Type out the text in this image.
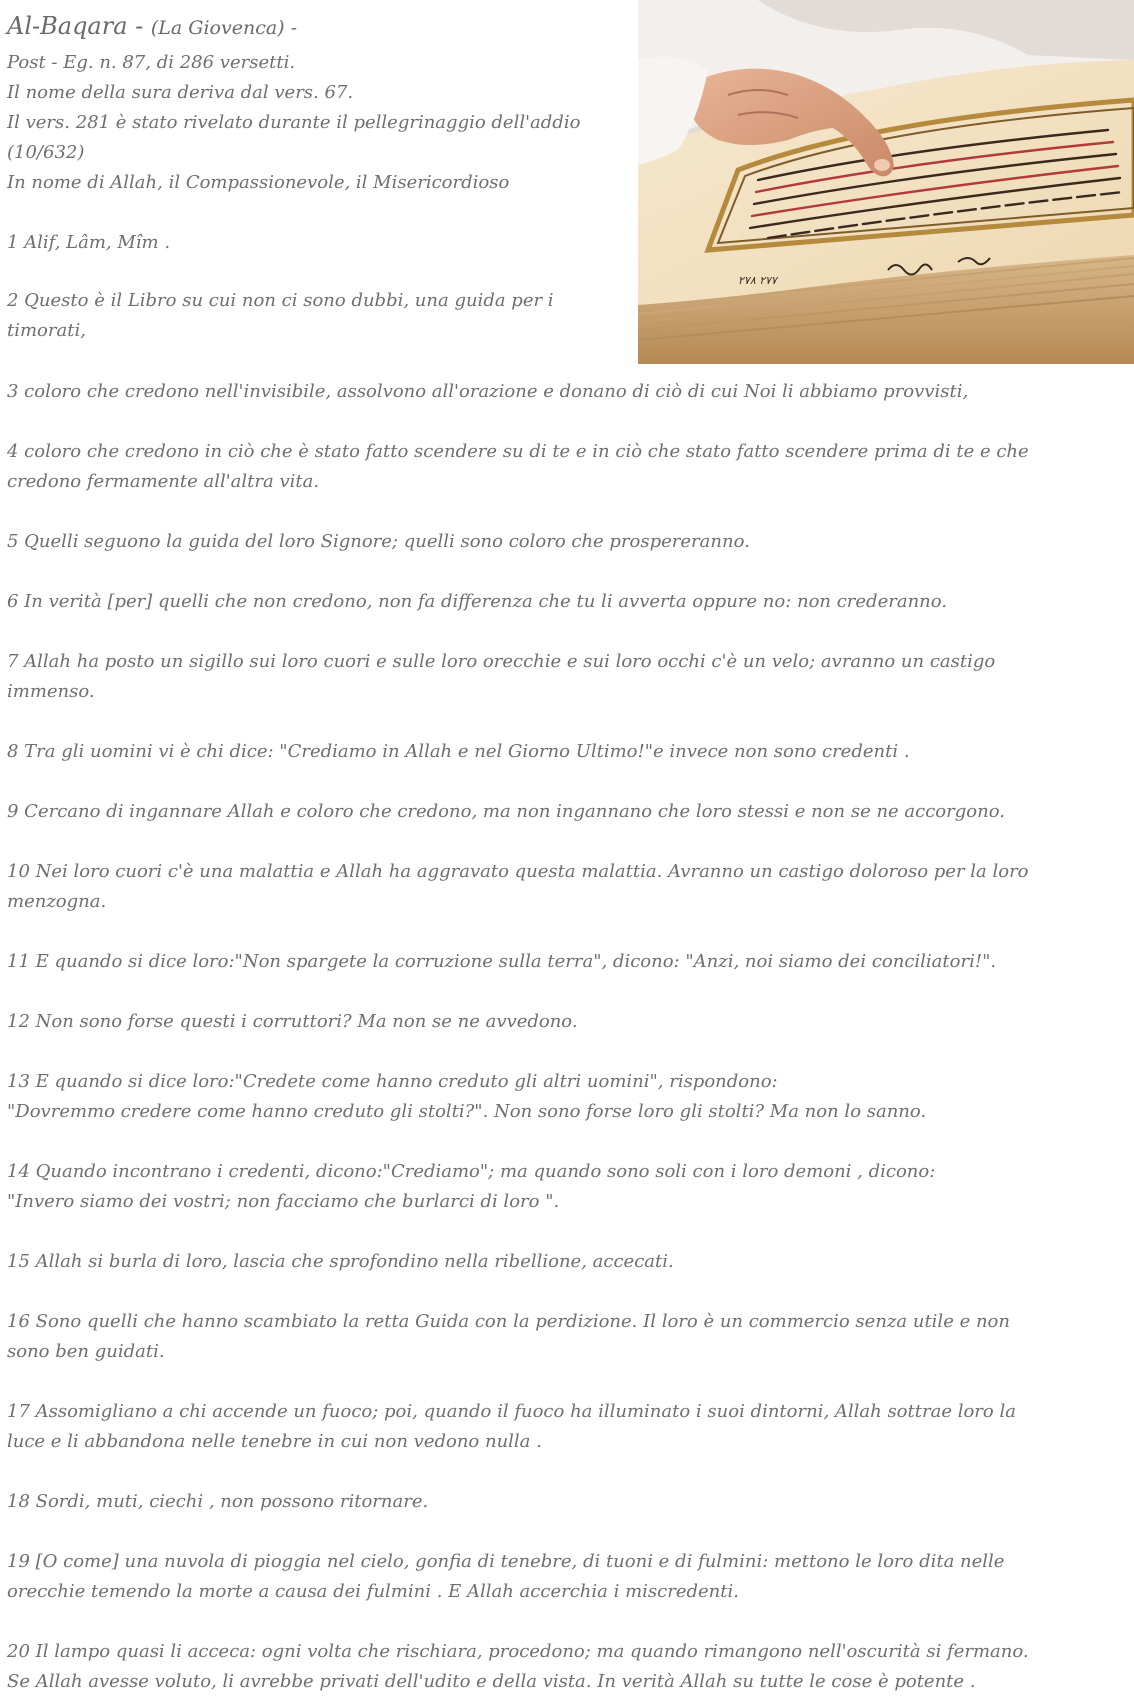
Al-Baqara - (La Giovenca) -
Post - Eg. n. 87, di 286 versetti.
Il nome della sura deriva dal vers. 67.
Il vers. 281 è stato rivelato durante il pellegrinaggio dell'addio
(10/632)
In nome di Allah, il Compassionevole, il Misericordioso
٢٧٧ ٢٧٨
1 Alif, Lâm, Mîm .
2 Questo è il Libro su cui non ci sono dubbi, una guida per i
timorati,
3 coloro che credono nell'invisibile, assolvono all'orazione e donano di ciò di cui Noi li abbiamo provvisti,
4 coloro che credono in ciò che è stato fatto scendere su di te e in ciò che stato fatto scendere prima di te e che
credono fermamente all'altra vita.
5 Quelli seguono la guida del loro Signore; quelli sono coloro che prospereranno.
6 In verità [per] quelli che non credono, non fa differenza che tu li avverta oppure no: non crederanno.
7 Allah ha posto un sigillo sui loro cuori e sulle loro orecchie e sui loro occhi c'è un velo; avranno un castigo
immenso.
8 Tra gli uomini vi è chi dice: "Crediamo in Allah e nel Giorno Ultimo!"e invece non sono credenti .
9 Cercano di ingannare Allah e coloro che credono, ma non ingannano che loro stessi e non se ne accorgono.
10 Nei loro cuori c'è una malattia e Allah ha aggravato questa malattia. Avranno un castigo doloroso per la loro
menzogna.
11 E quando si dice loro:"Non spargete la corruzione sulla terra", dicono: "Anzi, noi siamo dei conciliatori!".
12 Non sono forse questi i corruttori? Ma non se ne avvedono.
13 E quando si dice loro:"Credete come hanno creduto gli altri uomini", rispondono:
"Dovremmo credere come hanno creduto gli stolti?". Non sono forse loro gli stolti? Ma non lo sanno.
14 Quando incontrano i credenti, dicono:"Crediamo"; ma quando sono soli con i loro demoni , dicono:
"Invero siamo dei vostri; non facciamo che burlarci di loro ".
15 Allah si burla di loro, lascia che sprofondino nella ribellione, accecati.
16 Sono quelli che hanno scambiato la retta Guida con la perdizione. Il loro è un commercio senza utile e non
sono ben guidati.
17 Assomigliano a chi accende un fuoco; poi, quando il fuoco ha illuminato i suoi dintorni, Allah sottrae loro la
luce e li abbandona nelle tenebre in cui non vedono nulla .
18 Sordi, muti, ciechi , non possono ritornare.
19 [O come] una nuvola di pioggia nel cielo, gonfia di tenebre, di tuoni e di fulmini: mettono le loro dita nelle
orecchie temendo la morte a causa dei fulmini . E Allah accerchia i miscredenti.
20 Il lampo quasi li acceca: ogni volta che rischiara, procedono; ma quando rimangono nell'oscurità si fermano.
Se Allah avesse voluto, li avrebbe privati dell'udito e della vista. In verità Allah su tutte le cose è potente .
